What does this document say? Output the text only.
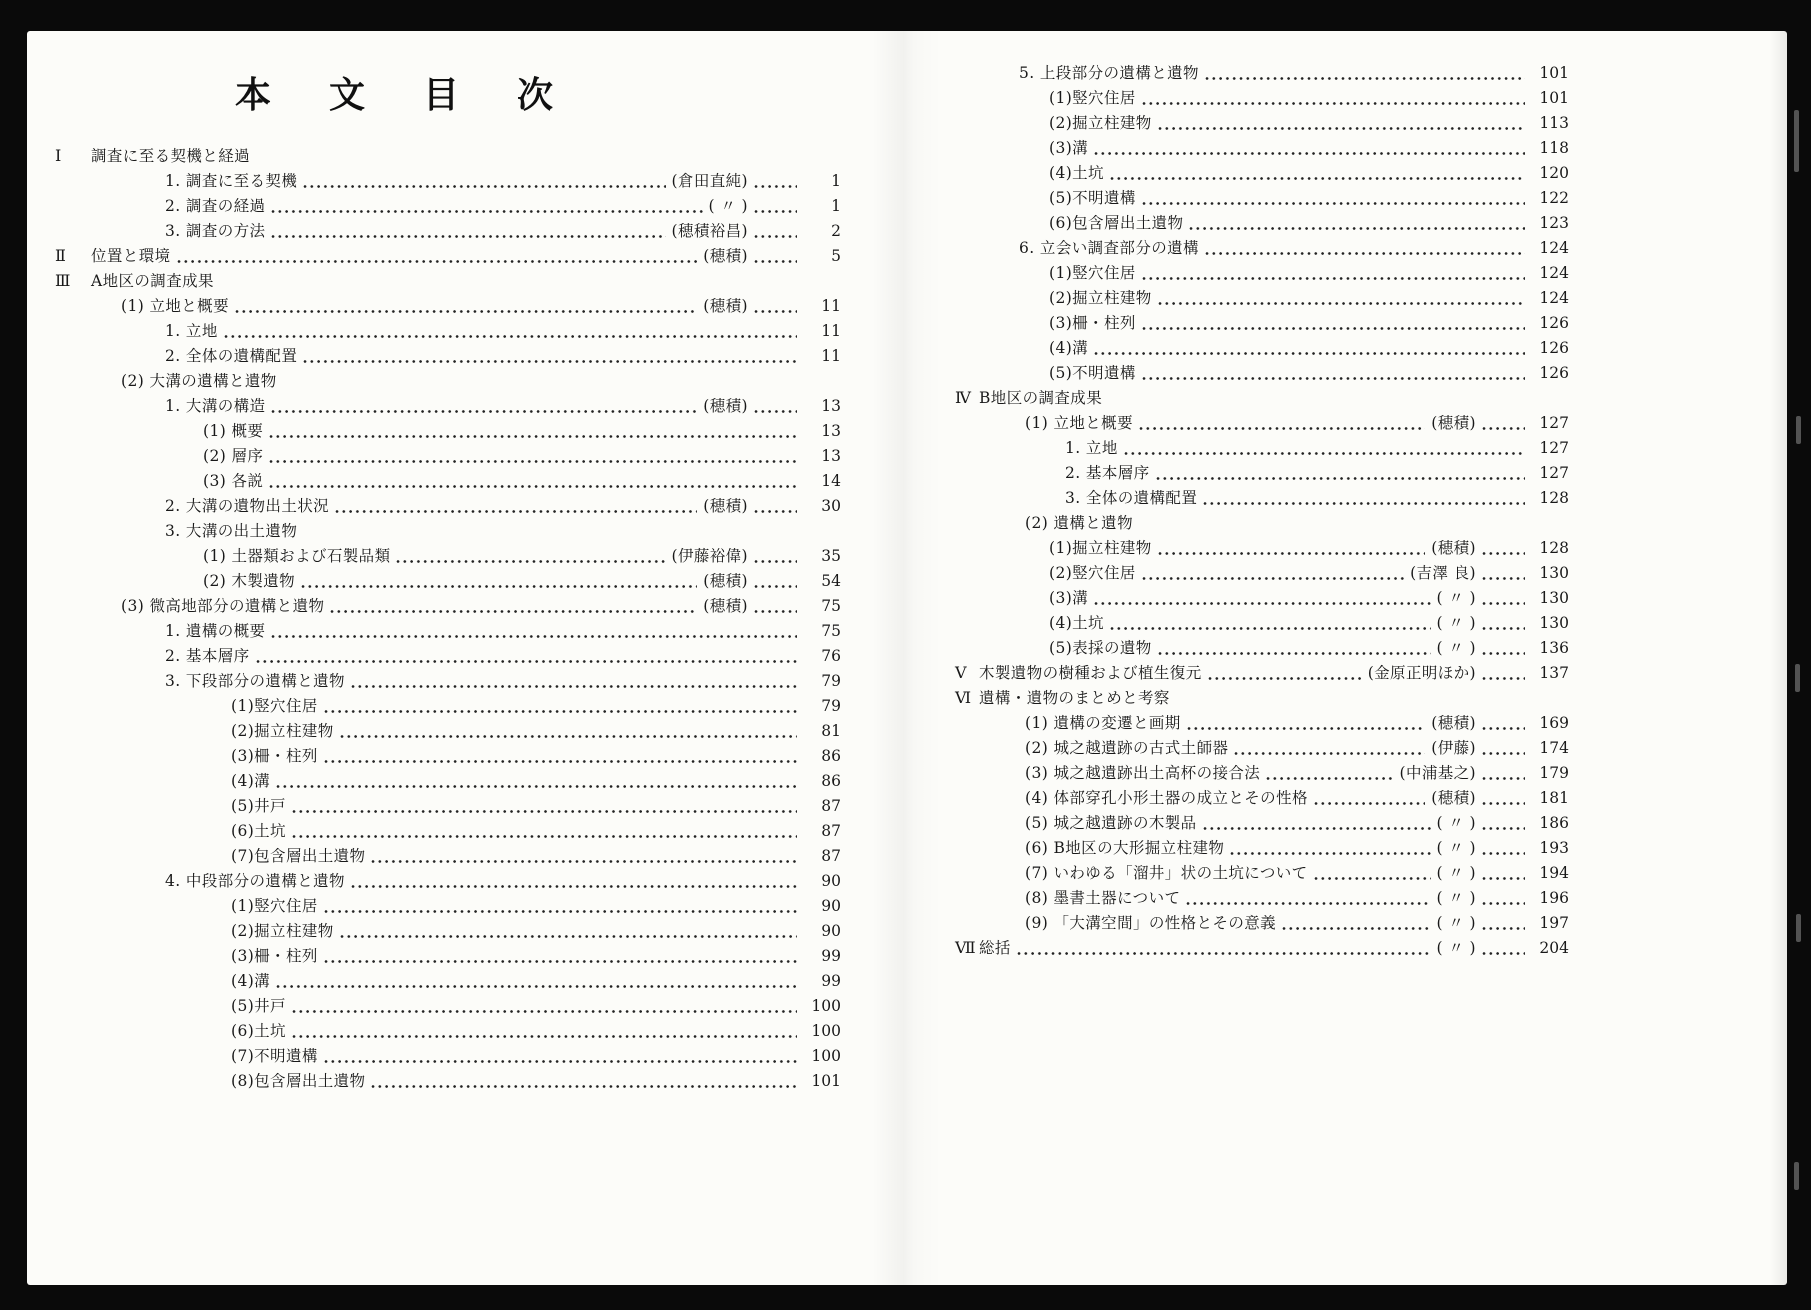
本文目次
Ⅰ	調査に至る契機と経過
1. 調査に至る契機	(倉田直純)	1
2. 調査の経過	( 〃 )	1
3. 調査の方法	(穂積裕昌)	2
Ⅱ	位置と環境	(穂積)	5
Ⅲ	A地区の調査成果
(1) 立地と概要	(穂積)	11
1. 立地	11
2. 全体の遺構配置	11
(2) 大溝の遺構と遺物
1. 大溝の構造	(穂積)	13
(1) 概要	13
(2) 層序	13
(3) 各説	14
2. 大溝の遺物出土状況	(穂積)	30
3. 大溝の出土遺物
(1) 土器類および石製品類	(伊藤裕偉)	35
(2) 木製遺物	(穂積)	54
(3) 微高地部分の遺構と遺物	(穂積)	75
1. 遺構の概要	75
2. 基本層序	76
3. 下段部分の遺構と遺物	79
(1)竪穴住居	79
(2)掘立柱建物	81
(3)柵・柱列	86
(4)溝	86
(5)井戸	87
(6)土坑	87
(7)包含層出土遺物	87
4. 中段部分の遺構と遺物	90
(1)竪穴住居	90
(2)掘立柱建物	90
(3)柵・柱列	99
(4)溝	99
(5)井戸	100
(6)土坑	100
(7)不明遺構	100
(8)包含層出土遺物	101
5. 上段部分の遺構と遺物	101
(1)竪穴住居	101
(2)掘立柱建物	113
(3)溝	118
(4)土坑	120
(5)不明遺構	122
(6)包含層出土遺物	123
6. 立会い調査部分の遺構	124
(1)竪穴住居	124
(2)掘立柱建物	124
(3)柵・柱列	126
(4)溝	126
(5)不明遺構	126
Ⅳ B地区の調査成果
(1) 立地と概要	(穂積)	127
1. 立地	127
2. 基本層序	127
3. 全体の遺構配置	128
(2) 遺構と遺物
(1)掘立柱建物	(穂積)	128
(2)竪穴住居	(吉澤 良)	130
(3)溝	( 〃 )	130
(4)土坑	( 〃 )	130
(5)表採の遺物	( 〃 )	136
Ⅴ 木製遺物の樹種および植生復元	(金原正明ほか)	137
Ⅵ 遺構・遺物のまとめと考察
(1) 遺構の変遷と画期	(穂積)	169
(2) 城之越遺跡の古式土師器	(伊藤)	174
(3) 城之越遺跡出土高杯の接合法	(中浦基之)	179
(4) 体部穿孔小形土器の成立とその性格	(穂積)	181
(5) 城之越遺跡の木製品	( 〃 )	186
(6) B地区の大形掘立柱建物	( 〃 )	193
(7) いわゆる「溜井」状の土坑について	( 〃 )	194
(8) 墨書土器について	( 〃 )	196
(9) 「大溝空間」の性格とその意義	( 〃 )	197
Ⅶ 総括	( 〃 )	204
